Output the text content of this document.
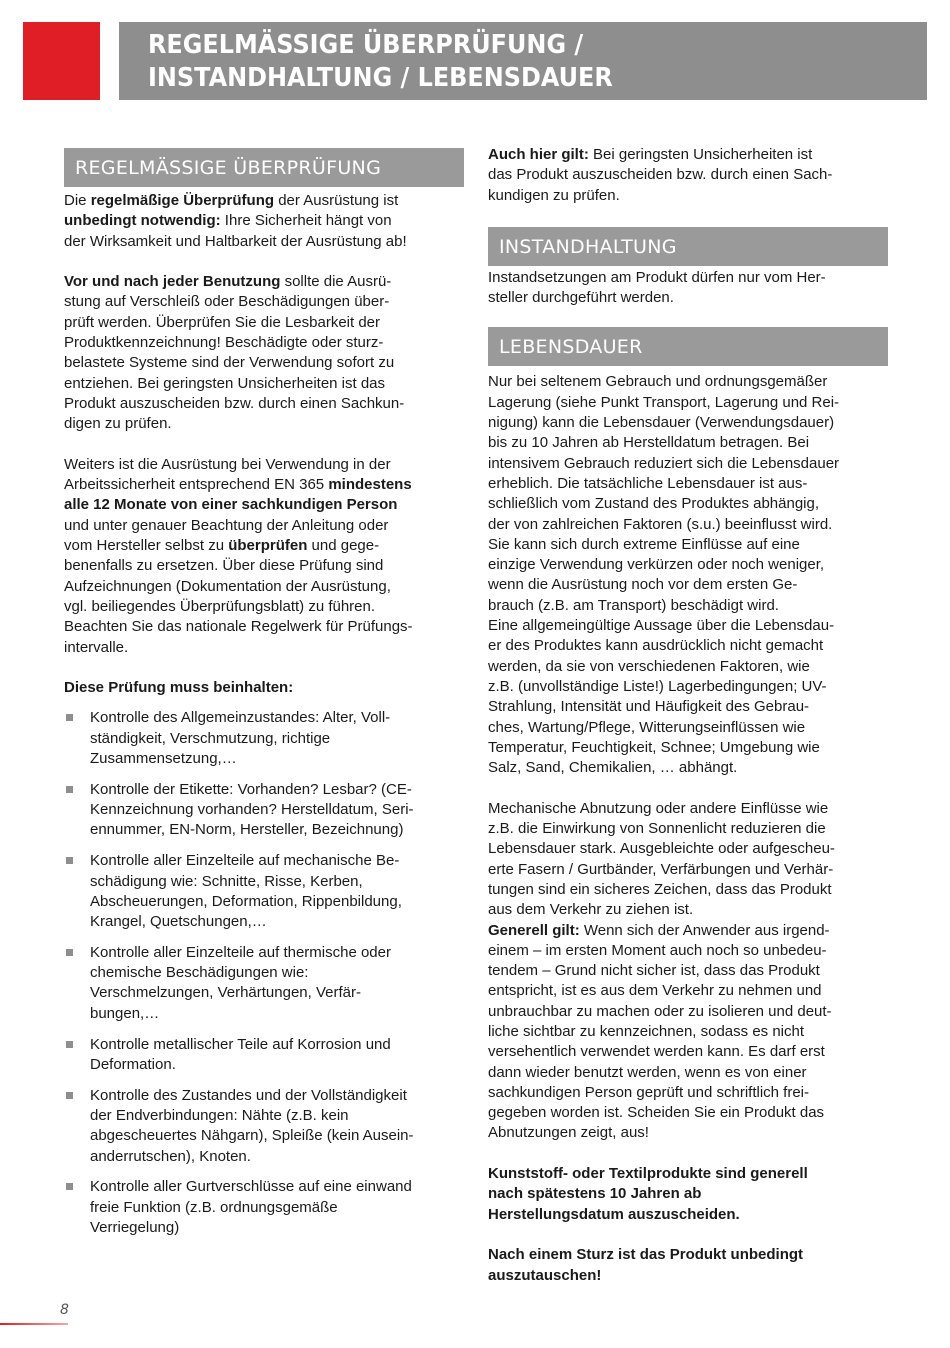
REGELMÄSSIGE ÜBERPRÜFUNG /
INSTANDHALTUNG / LEBENSDAUER
REGELMÄSSIGE ÜBERPRÜFUNG

Die regelmäßige Überprüfung der Ausrüstung ist
unbedingt notwendig: Ihre Sicherheit hängt von
der Wirksamkeit und Haltbarkeit der Ausrüstung ab!

Vor und nach jeder Benutzung sollte die Ausrü-
stung auf Verschleiß oder Beschädigungen über-
prüft werden. Überprüfen Sie die Lesbarkeit der
Produktkennzeichnung! Beschädigte oder sturz-
belastete Systeme sind der Verwendung sofort zu
entziehen. Bei geringsten Unsicherheiten ist das
Produkt auszuscheiden bzw. durch einen Sachkun-
digen zu prüfen.

Weiters ist die Ausrüstung bei Verwendung in der
Arbeitssicherheit entsprechend EN 365 mindestens
alle 12 Monate von einer sachkundigen Person
und unter genauer Beachtung der Anleitung oder
vom Hersteller selbst zu überprüfen und gege-
benenfalls zu ersetzen. Über diese Prüfung sind
Aufzeichnungen (Dokumentation der Ausrüstung,
vgl. beiliegendes Überprüfungsblatt) zu führen.
Beachten Sie das nationale Regelwerk für Prüfungs-
intervalle.

Diese Prüfung muss beinhalten:

Kontrolle des Allgemeinzustandes: Alter, Voll-
ständigkeit, Verschmutzung, richtige
Zusammensetzung,…
Kontrolle der Etikette: Vorhanden? Lesbar? (CE-
Kennzeichnung vorhanden? Herstelldatum, Seri-
ennummer, EN-Norm, Hersteller, Bezeichnung)
Kontrolle aller Einzelteile auf mechanische Be-
schädigung wie: Schnitte, Risse, Kerben,
Abscheuerungen, Deformation, Rippenbildung,
Krangel, Quetschungen,…
Kontrolle aller Einzelteile auf thermische oder
chemische Beschädigungen wie:
Verschmelzungen, Verhärtungen, Verfär-
bungen,…
Kontrolle metallischer Teile auf Korrosion und
Deformation.
Kontrolle des Zustandes und der Vollständigkeit
der Endverbindungen: Nähte (z.B. kein
abgescheuertes Nähgarn), Spleiße (kein Ausein-
anderrutschen), Knoten.
Kontrolle aller Gurtverschlüsse auf eine einwand
freie Funktion (z.B. ordnungsgemäße
Verriegelung)

Auch hier gilt: Bei geringsten Unsicherheiten ist
das Produkt auszuscheiden bzw. durch einen Sach-
kundigen zu prüfen.

INSTANDHALTUNG

Instandsetzungen am Produkt dürfen nur vom Her-
steller durchgeführt werden.

LEBENSDAUER

Nur bei seltenem Gebrauch und ordnungsgemäßer
Lagerung (siehe Punkt Transport, Lagerung und Rei-
nigung) kann die Lebensdauer (Verwendungsdauer)
bis zu 10 Jahren ab Herstelldatum betragen. Bei
intensivem Gebrauch reduziert sich die Lebensdauer
erheblich. Die tatsächliche Lebensdauer ist aus-
schließlich vom Zustand des Produktes abhängig,
der von zahlreichen Faktoren (s.u.) beeinflusst wird.
Sie kann sich durch extreme Einflüsse auf eine
einzige Verwendung verkürzen oder noch weniger,
wenn die Ausrüstung noch vor dem ersten Ge-
brauch (z.B. am Transport) beschädigt wird.
Eine allgemeingültige Aussage über die Lebensdau-
er des Produktes kann ausdrücklich nicht gemacht
werden, da sie von verschiedenen Faktoren, wie
z.B. (unvollständige Liste!) Lagerbedingungen; UV-
Strahlung, Intensität und Häufigkeit des Gebrau-
ches, Wartung/Pflege, Witterungseinflüssen wie
Temperatur, Feuchtigkeit, Schnee; Umgebung wie
Salz, Sand, Chemikalien, … abhängt.

Mechanische Abnutzung oder andere Einflüsse wie
z.B. die Einwirkung von Sonnenlicht reduzieren die
Lebensdauer stark. Ausgebleichte oder aufgescheu-
erte Fasern / Gurtbänder, Verfärbungen und Verhär-
tungen sind ein sicheres Zeichen, dass das Produkt
aus dem Verkehr zu ziehen ist.

Generell gilt: Wenn sich der Anwender aus irgend-
einem – im ersten Moment auch noch so unbedeu-
tendem – Grund nicht sicher ist, dass das Produkt
entspricht, ist es aus dem Verkehr zu nehmen und
unbrauchbar zu machen oder zu isolieren und deut-
liche sichtbar zu kennzeichnen, sodass es nicht
versehentlich verwendet werden kann. Es darf erst
dann wieder benutzt werden, wenn es von einer
sachkundigen Person geprüft und schriftlich frei-
gegeben worden ist. Scheiden Sie ein Produkt das
Abnutzungen zeigt, aus!

Kunststoff- oder Textilprodukte sind generell
nach spätestens 10 Jahren ab
Herstellungsdatum auszuscheiden.

Nach einem Sturz ist das Produkt unbedingt
auszutauschen!

8
